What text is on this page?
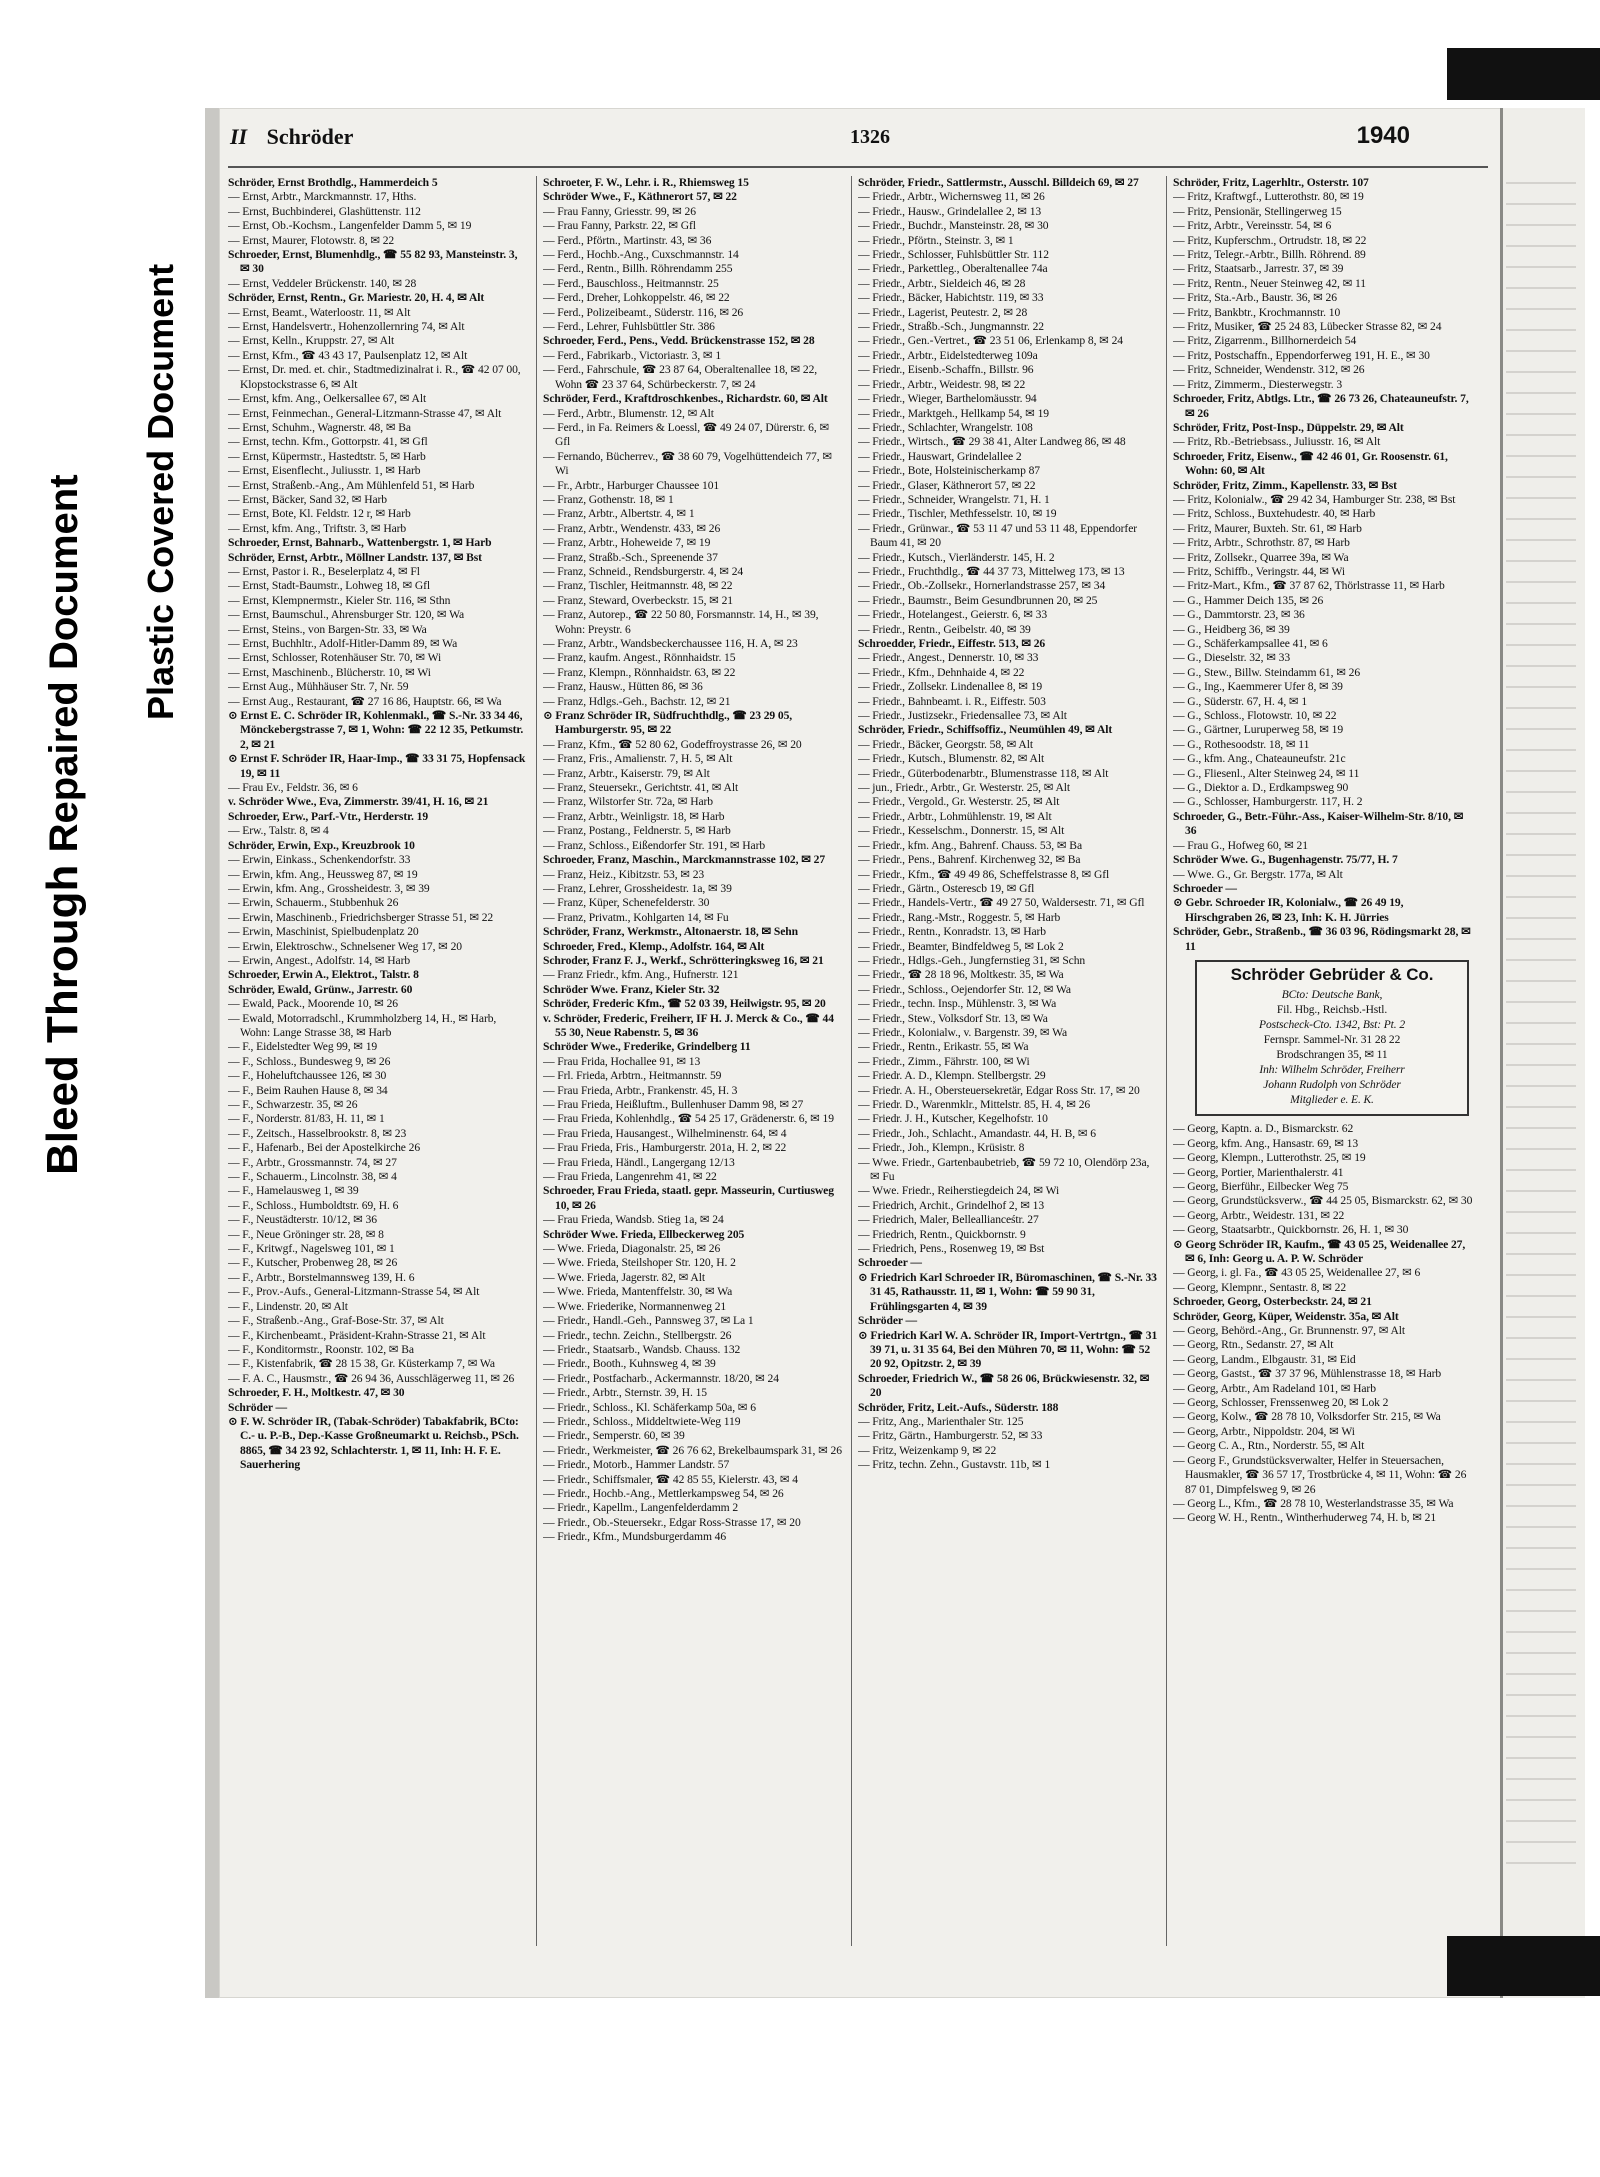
Bleed Through Repaired Document Plastic Covered Document
II Schröder	1326	1940

Schröder, Ernst Brothdlg., Hammerdeich 5

— Ernst, Arbtr., Marckmannstr. 17, Hths.

— Ernst, Buchbinderei, Glashüttenstr. 112

— Ernst, Ob.-Kochsm., Langenfelder Damm 5, ✉ 19

— Ernst, Maurer, Flotowstr. 8, ✉ 22

Schroeder, Ernst, Blumenhdlg., ☎ 55 82 93, Mansteinstr. 3, ✉ 30

— Ernst, Veddeler Brückenstr. 140, ✉ 28

Schröder, Ernst, Rentn., Gr. Mariestr. 20, H. 4, ✉ Alt

— Ernst, Beamt., Waterloostr. 11, ✉ Alt

— Ernst, Handelsvertr., Hohenzollernring 74, ✉ Alt

— Ernst, Kelln., Kruppstr. 27, ✉ Alt

— Ernst, Kfm., ☎ 43 43 17, Paulsenplatz 12, ✉ Alt

— Ernst, Dr. med. et. chir., Stadtmedizinalrat i. R., ☎ 42 07 00, Klopstockstrasse 6, ✉ Alt

— Ernst, kfm. Ang., Oelkersallee 67, ✉ Alt

— Ernst, Feinmechan., General-Litzmann-Strasse 47, ✉ Alt

— Ernst, Schuhm., Wagnerstr. 48, ✉ Ba

— Ernst, techn. Kfm., Gottorpstr. 41, ✉ Gfl

— Ernst, Küpermstr., Hastedtstr. 5, ✉ Harb

— Ernst, Eisenflecht., Juliusstr. 1, ✉ Harb

— Ernst, Straßenb.-Ang., Am Mühlenfeld 51, ✉ Harb

— Ernst, Bäcker, Sand 32, ✉ Harb

— Ernst, Bote, Kl. Feldstr. 12 r, ✉ Harb

— Ernst, kfm. Ang., Triftstr. 3, ✉ Harb

Schroeder, Ernst, Bahnarb., Wattenbergstr. 1, ✉ Harb

Schröder, Ernst, Arbtr., Möllner Landstr. 137, ✉ Bst

— Ernst, Pastor i. R., Beselerplatz 4, ✉ Fl

— Ernst, Stadt-Baumstr., Lohweg 18, ✉ Gfl

— Ernst, Klempnermstr., Kieler Str. 116, ✉ Sthn

— Ernst, Baumschul., Ahrensburger Str. 120, ✉ Wa

— Ernst, Steins., von Bargen-Str. 33, ✉ Wa

— Ernst, Buchhltr., Adolf-Hitler-Damm 89, ✉ Wa

— Ernst, Schlosser, Rotenhäuser Str. 70, ✉ Wi

— Ernst, Maschinenb., Blücherstr. 10, ✉ Wi

— Ernst Aug., Mühhäuser Str. 7, Nr. 59

— Ernst Aug., Restaurant, ☎ 27 16 86, Hauptstr. 66, ✉ Wa

⊙ Ernst E. C. Schröder IR, Kohlenmakl., ☎ S.-Nr. 33 34 46, Mönckebergstrasse 7, ✉ 1, Wohn: ☎ 22 12 35, Petkumstr. 2, ✉ 21

⊙ Ernst F. Schröder IR, Haar-Imp., ☎ 33 31 75, Hopfensack 19, ✉ 11

— Frau Ev., Feldstr. 36, ✉ 6

v. Schröder Wwe., Eva, Zimmerstr. 39/41, H. 16, ✉ 21

Schroeder, Erw., Parf.-Vtr., Herderstr. 19

— Erw., Talstr. 8, ✉ 4

Schröder, Erwin, Exp., Kreuzbrook 10

— Erwin, Einkass., Schenkendorfstr. 33

— Erwin, kfm. Ang., Heussweg 87, ✉ 19

— Erwin, kfm. Ang., Grossheidestr. 3, ✉ 39

— Erwin, Schauerm., Stubbenhuk 26

— Erwin, Maschinenb., Friedrichsberger Strasse 51, ✉ 22

— Erwin, Maschinist, Spielbudenplatz 20

— Erwin, Elektroschw., Schnelsener Weg 17, ✉ 20

— Erwin, Angest., Adolfstr. 14, ✉ Harb

Schroeder, Erwin A., Elektrot., Talstr. 8

Schröder, Ewald, Grünw., Jarrestr. 60

— Ewald, Pack., Moorende 10, ✉ 26

— Ewald, Motorradschl., Krummholzberg 14, H., ✉ Harb, Wohn: Lange Strasse 38, ✉ Harb

— F., Eidelstedter Weg 99, ✉ 19

— F., Schloss., Bundesweg 9, ✉ 26

— F., Hoheluftchaussee 126, ✉ 30

— F., Beim Rauhen Hause 8, ✉ 34

— F., Schwarzestr. 35, ✉ 26

— F., Norderstr. 81/83, H. 11, ✉ 1

— F., Zeitsch., Hasselbrookstr. 8, ✉ 23

— F., Hafenarb., Bei der Apostelkirche 26

— F., Arbtr., Grossmannstr. 74, ✉ 27

— F., Schauerm., Lincolnstr. 38, ✉ 4

— F., Hamelausweg 1, ✉ 39

— F., Schloss., Humboldtstr. 69, H. 6

— F., Neustädterstr. 10/12, ✉ 36

— F., Neue Gröninger str. 28, ✉ 8

— F., Kritwgf., Nagelsweg 101, ✉ 1

— F., Kutscher, Probenweg 28, ✉ 26

— F., Arbtr., Borstelmannsweg 139, H. 6

— F., Prov.-Aufs., General-Litzmann-Strasse 54, ✉ Alt

— F., Lindenstr. 20, ✉ Alt

— F., Straßenb.-Ang., Graf-Bose-Str. 37, ✉ Alt

— F., Kirchenbeamt., Präsident-Krahn-Strasse 21, ✉ Alt

— F., Konditormstr., Roonstr. 102, ✉ Ba

— F., Kistenfabrik, ☎ 28 15 38, Gr. Küsterkamp 7, ✉ Wa

— F. A. C., Hausmstr., ☎ 26 94 36, Ausschlägerweg 11, ✉ 26

Schroeder, F. H., Moltkestr. 47, ✉ 30

Schröder —

⊙ F. W. Schröder IR, (Tabak-Schröder) Tabakfabrik, BCto: C.- u. P.-B., Dep.-Kasse Großneumarkt u. Reichsb., PSch. 8865, ☎ 34 23 92, Schlachterstr. 1, ✉ 11, Inh: H. F. E. Sauerhering

Schroeter, F. W., Lehr. i. R., Rhiemsweg 15

Schröder Wwe., F., Käthnerort 57, ✉ 22

— Frau Fanny, Griesstr. 99, ✉ 26

— Frau Fanny, Parkstr. 22, ✉ Gfl

— Ferd., Pförtn., Martinstr. 43, ✉ 36

— Ferd., Hochb.-Ang., Cuxschmannstr. 14

— Ferd., Rentn., Billh. Röhrendamm 255

— Ferd., Bauschloss., Heitmannstr. 25

— Ferd., Dreher, Lohkoppelstr. 46, ✉ 22

— Ferd., Polizeibeamt., Süderstr. 116, ✉ 26

— Ferd., Lehrer, Fuhlsbüttler Str. 386

Schroeder, Ferd., Pens., Vedd. Brückenstrasse 152, ✉ 28

— Ferd., Fabrikarb., Victoriastr. 3, ✉ 1

— Ferd., Fahrschule, ☎ 23 87 64, Oberaltenallee 18, ✉ 22, Wohn ☎ 23 37 64, Schürbeckerstr. 7, ✉ 24

Schröder, Ferd., Kraftdroschkenbes., Richardstr. 60, ✉ Alt

— Ferd., Arbtr., Blumenstr. 12, ✉ Alt

— Ferd., in Fa. Reimers & Loessl, ☎ 49 24 07, Dürerstr. 6, ✉ Gfl

— Fernando, Bücherrev., ☎ 38 60 79, Vogelhüttendeich 77, ✉ Wi

— Fr., Arbtr., Harburger Chaussee 101

— Franz, Gothenstr. 18, ✉ 1

— Franz, Arbtr., Albertstr. 4, ✉ 1

— Franz, Arbtr., Wendenstr. 433, ✉ 26

— Franz, Arbtr., Hoheweide 7, ✉ 19

— Franz, Straßb.-Sch., Spreenende 37

— Franz, Schneid., Rendsburgerstr. 4, ✉ 24

— Franz, Tischler, Heitmannstr. 48, ✉ 22

— Franz, Steward, Overbeckstr. 15, ✉ 21

— Franz, Autorep., ☎ 22 50 80, Forsmannstr. 14, H., ✉ 39, Wohn: Preystr. 6

— Franz, Arbtr., Wandsbeckerchaussee 116, H. A, ✉ 23

— Franz, kaufm. Angest., Rönnhaidstr. 15

— Franz, Klempn., Rönnhaidstr. 63, ✉ 22

— Franz, Hausw., Hütten 86, ✉ 36

— Franz, Hdlgs.-Geh., Bachstr. 12, ✉ 21

⊙ Franz Schröder IR, Südfruchthdlg., ☎ 23 29 05, Hamburgerstr. 95, ✉ 22

— Franz, Kfm., ☎ 52 80 62, Godeffroystrasse 26, ✉ 20

— Franz, Fris., Amalienstr. 7, H. 5, ✉ Alt

— Franz, Arbtr., Kaiserstr. 79, ✉ Alt

— Franz, Steuersekr., Gerichtstr. 41, ✉ Alt

— Franz, Wilstorfer Str. 72a, ✉ Harb

— Franz, Arbtr., Weinligstr. 18, ✉ Harb

— Franz, Postang., Feldnerstr. 5, ✉ Harb

— Franz, Schloss., Eißendorfer Str. 191, ✉ Harb

Schroeder, Franz, Maschin., Marckmannstrasse 102, ✉ 27

— Franz, Heiz., Kibitzstr. 53, ✉ 23

— Franz, Lehrer, Grossheidestr. 1a, ✉ 39

— Franz, Küper, Schenefelderstr. 30

— Franz, Privatm., Kohlgarten 14, ✉ Fu

Schröder, Franz, Werkmstr., Altonaerstr. 18, ✉ Sehn

Schroeder, Fred., Klemp., Adolfstr. 164, ✉ Alt

Schroder, Franz F. J., Werkf., Schrötteringksweg 16, ✉ 21

— Franz Friedr., kfm. Ang., Hufnerstr. 121

Schröder Wwe. Franz, Kieler Str. 32

Schröder, Frederic Kfm., ☎ 52 03 39, Heilwigstr. 95, ✉ 20

v. Schröder, Frederic, Freiherr, IF H. J. Merck & Co., ☎ 44 55 30, Neue Rabenstr. 5, ✉ 36

Schröder Wwe., Frederike, Grindelberg 11

— Frau Frida, Hochallee 91, ✉ 13

— Frl. Frieda, Arbtrn., Heitmannstr. 59

— Frau Frieda, Arbtr., Frankenstr. 45, H. 3

— Frau Frieda, Heißluftm., Bullenhuser Damm 98, ✉ 27

— Frau Frieda, Kohlenhdlg., ☎ 54 25 17, Grädenerstr. 6, ✉ 19

— Frau Frieda, Hausangest., Wilhelminenstr. 64, ✉ 4

— Frau Frieda, Fris., Hamburgerstr. 201a, H. 2, ✉ 22

— Frau Frieda, Händl., Langergang 12/13

— Frau Frieda, Langenrehm 41, ✉ 22

Schroeder, Frau Frieda, staatl. gepr. Masseurin, Curtiusweg 10, ✉ 26

— Frau Frieda, Wandsb. Stieg 1a, ✉ 24

Schröder Wwe. Frieda, Ellbeckerweg 205

— Wwe. Frieda, Diagonalstr. 25, ✉ 26

— Wwe. Frieda, Steilshoper Str. 120, H. 2

— Wwe. Frieda, Jagerstr. 82, ✉ Alt

— Wwe. Frieda, Mantenffelstr. 30, ✉ Wa

— Wwe. Friederike, Normannenweg 21

— Friedr., Handl.-Geh., Pannsweg 37, ✉ La 1

— Friedr., techn. Zeichn., Stellbergstr. 26

— Friedr., Staatsarb., Wandsb. Chauss. 132

— Friedr., Booth., Kuhnsweg 4, ✉ 39

— Friedr., Postfacharb., Ackermannstr. 18/20, ✉ 24

— Friedr., Arbtr., Sternstr. 39, H. 15

— Friedr., Schloss., Kl. Schäferkamp 50a, ✉ 6

— Friedr., Schloss., Middeltwiete-Weg 119

— Friedr., Semperstr. 60, ✉ 39

— Friedr., Werkmeister, ☎ 26 76 62, Brekelbaumspark 31, ✉ 26

— Friedr., Motorb., Hammer Landstr. 57

— Friedr., Schiffsmaler, ☎ 42 85 55, Kielerstr. 43, ✉ 4

— Friedr., Hochb.-Ang., Mettlerkampsweg 54, ✉ 26

— Friedr., Kapellm., Langenfelderdamm 2

— Friedr., Ob.-Steuersekr., Edgar Ross-Strasse 17, ✉ 20

— Friedr., Kfm., Mundsburgerdamm 46

Schröder, Friedr., Sattlermstr., Ausschl. Billdeich 69, ✉ 27

— Friedr., Arbtr., Wichernsweg 11, ✉ 26

— Friedr., Hausw., Grindelallee 2, ✉ 13

— Friedr., Buchdr., Mansteinstr. 28, ✉ 30

— Friedr., Pförtn., Steinstr. 3, ✉ 1

— Friedr., Schlosser, Fuhlsbüttler Str. 112

— Friedr., Parkettleg., Oberaltenallee 74a

— Friedr., Arbtr., Sieldeich 46, ✉ 28

— Friedr., Bäcker, Habichtstr. 119, ✉ 33

— Friedr., Lagerist, Peutestr. 2, ✉ 28

— Friedr., Straßb.-Sch., Jungmannstr. 22

— Friedr., Gen.-Vertret., ☎ 23 51 06, Erlenkamp 8, ✉ 24

— Friedr., Arbtr., Eidelstedterweg 109a

— Friedr., Eisenb.-Schaffn., Billstr. 96

— Friedr., Arbtr., Weidestr. 98, ✉ 22

— Friedr., Wieger, Barthelomäusstr. 94

— Friedr., Marktgeh., Hellkamp 54, ✉ 19

— Friedr., Schlachter, Wrangelstr. 108

— Friedr., Wirtsch., ☎ 29 38 41, Alter Landweg 86, ✉ 48

— Friedr., Hauswart, Grindelallee 2

— Friedr., Bote, Holsteinischerkamp 87

— Friedr., Glaser, Käthnerort 57, ✉ 22

— Friedr., Schneider, Wrangelstr. 71, H. 1

— Friedr., Tischler, Methfesselstr. 10, ✉ 19

— Friedr., Grünwar., ☎ 53 11 47 und 53 11 48, Eppendorfer Baum 41, ✉ 20

— Friedr., Kutsch., Vierländerstr. 145, H. 2

— Friedr., Fruchthdlg., ☎ 44 37 73, Mittelweg 173, ✉ 13

— Friedr., Ob.-Zollsekr., Hornerlandstrasse 257, ✉ 34

— Friedr., Baumstr., Beim Gesundbrunnen 20, ✉ 25

— Friedr., Hotelangest., Geierstr. 6, ✉ 33

— Friedr., Rentn., Geibelstr. 40, ✉ 39

Schroedder, Friedr., Eiffestr. 513, ✉ 26

— Friedr., Angest., Dennerstr. 10, ✉ 33

— Friedr., Kfm., Dehnhaide 4, ✉ 22

— Friedr., Zollsekr. Lindenallee 8, ✉ 19

— Friedr., Bahnbeamt. i. R., Eiffestr. 503

— Friedr., Justizsekr., Friedensallee 73, ✉ Alt

Schröder, Friedr., Schiffsoffiz., Neumühlen 49, ✉ Alt

— Friedr., Bäcker, Georgstr. 58, ✉ Alt

— Friedr., Kutsch., Blumenstr. 82, ✉ Alt

— Friedr., Güterbodenarbtr., Blumenstrasse 118, ✉ Alt

— jun., Friedr., Arbtr., Gr. Westerstr. 25, ✉ Alt

— Friedr., Vergold., Gr. Westerstr. 25, ✉ Alt

— Friedr., Arbtr., Lohmühlenstr. 19, ✉ Alt

— Friedr., Kesselschm., Donnerstr. 15, ✉ Alt

— Friedr., kfm. Ang., Bahrenf. Chauss. 53, ✉ Ba

— Friedr., Pens., Bahrenf. Kirchenweg 32, ✉ Ba

— Friedr., Kfm., ☎ 49 49 86, Scheffelstrasse 8, ✉ Gfl

— Friedr., Gärtn., Osterescb 19, ✉ Gfl

— Friedr., Handels-Vertr., ☎ 49 27 50, Waldersestr. 71, ✉ Gfl

— Friedr., Rang.-Mstr., Roggestr. 5, ✉ Harb

— Friedr., Rentn., Konradstr. 13, ✉ Harb

— Friedr., Beamter, Bindfeldweg 5, ✉ Lok 2

— Friedr., Hdlgs.-Geh., Jungfernstieg 31, ✉ Schn

— Friedr., ☎ 28 18 96, Moltkestr. 35, ✉ Wa

— Friedr., Schloss., Oejendorfer Str. 12, ✉ Wa

— Friedr., techn. Insp., Mühlenstr. 3, ✉ Wa

— Friedr., Stew., Volksdorf Str. 13, ✉ Wa

— Friedr., Kolonialw., v. Bargenstr. 39, ✉ Wa

— Friedr., Rentn., Erikastr. 55, ✉ Wa

— Friedr., Zimm., Fährstr. 100, ✉ Wi

— Friedr. A. D., Klempn. Stellbergstr. 29

— Friedr. A. H., Obersteuersekretär, Edgar Ross Str. 17, ✉ 20

— Friedr. D., Warenmklr., Mittelstr. 85, H. 4, ✉ 26

— Friedr. J. H., Kutscher, Kegelhofstr. 10

— Friedr., Joh., Schlacht., Amandastr. 44, H. B, ✉ 6

— Friedr., Joh., Klempn., Krüsistr. 8

— Wwe. Friedr., Gartenbaubetrieb, ☎ 59 72 10, Olendörp 23a, ✉ Fu

— Wwe. Friedr., Reiherstiegdeich 24, ✉ Wi

— Friedrich, Archit., Grindelhof 2, ✉ 13

— Friedrich, Maler, Belleallianceśtr. 27

— Friedrich, Rentn., Quickbornstr. 9

— Friedrich, Pens., Rosenweg 19, ✉ Bst

Schroeder —

⊙ Friedrich Karl Schroeder IR, Büromaschinen, ☎ S.-Nr. 33 31 45, Rathausstr. 11, ✉ 1, Wohn: ☎ 59 90 31, Frühlingsgarten 4, ✉ 39

Schröder —

⊙ Friedrich Karl W. A. Schröder IR, Import-Vertrtgn., ☎ 31 39 71, u. 31 35 64, Bei den Mühren 70, ✉ 11, Wohn: ☎ 52 20 92, Opitzstr. 2, ✉ 39

Schroeder, Friedrich W., ☎ 58 26 06, Brückwiesenstr. 32, ✉ 20

Schröder, Fritz, Leit.-Aufs., Süderstr. 188

— Fritz, Ang., Marienthaler Str. 125

— Fritz, Gärtn., Hamburgerstr. 52, ✉ 33

— Fritz, Weizenkamp 9, ✉ 22

— Fritz, techn. Zehn., Gustavstr. 11b, ✉ 1

Schröder, Fritz, Lagerhltr., Osterstr. 107

— Fritz, Kraftwgf., Lutterothstr. 80, ✉ 19

— Fritz, Pensionär, Stellingerweg 15

— Fritz, Arbtr., Vereinsstr. 54, ✉ 6

— Fritz, Kupferschm., Ortrudstr. 18, ✉ 22

— Fritz, Telegr.-Arbtr., Billh. Röhrend. 89

— Fritz, Staatsarb., Jarrestr. 37, ✉ 39

— Fritz, Rentn., Neuer Steinweg 42, ✉ 11

— Fritz, Sta.-Arb., Baustr. 36, ✉ 26

— Fritz, Bankbtr., Krochmannstr. 10

— Fritz, Musiker, ☎ 25 24 83, Lübecker Strasse 82, ✉ 24

— Fritz, Zigarrenm., Billhornerdeich 54

— Fritz, Postschaffn., Eppendorferweg 191, H. E., ✉ 30

— Fritz, Schneider, Wendenstr. 312, ✉ 26

— Fritz, Zimmerm., Diesterwegstr. 3

Schroeder, Fritz, Abtlgs. Ltr., ☎ 26 73 26, Chateauneufstr. 7, ✉ 26

Schröder, Fritz, Post-Insp., Düppelstr. 29, ✉ Alt

— Fritz, Rb.-Betriebsass., Juliusstr. 16, ✉ Alt

Schroeder, Fritz, Eisenw., ☎ 42 46 01, Gr. Roosenstr. 61, Wohn: 60, ✉ Alt

Schröder, Fritz, Zimm., Kapellenstr. 33, ✉ Bst

— Fritz, Kolonialw., ☎ 29 42 34, Hamburger Str. 238, ✉ Bst

— Fritz, Schloss., Buxtehudestr. 40, ✉ Harb

— Fritz, Maurer, Buxteh. Str. 61, ✉ Harb

— Fritz, Arbtr., Schrothstr. 87, ✉ Harb

— Fritz, Zollsekr., Quarree 39a, ✉ Wa

— Fritz, Schiffb., Veringstr. 44, ✉ Wi

— Fritz-Mart., Kfm., ☎ 37 87 62, Thörlstrasse 11, ✉ Harb

— G., Hammer Deich 135, ✉ 26

— G., Dammtorstr. 23, ✉ 36

— G., Heidberg 36, ✉ 39

— G., Schäferkampsallee 41, ✉ 6

— G., Dieselstr. 32, ✉ 33

— G., Stew., Billw. Steindamm 61, ✉ 26

— G., Ing., Kaemmerer Ufer 8, ✉ 39

— G., Süderstr. 67, H. 4, ✉ 1

— G., Schloss., Flotowstr. 10, ✉ 22

— G., Gärtner, Luruperweg 58, ✉ 19

— G., Rothesoodstr. 18, ✉ 11

— G., kfm. Ang., Chateauneufstr. 21c

— G., Fliesenl., Alter Steinweg 24, ✉ 11

— G., Diektor a. D., Erdkampsweg 90

— G., Schlosser, Hamburgerstr. 117, H. 2

Schroeder, G., Betr.-Führ.-Ass., Kaiser-Wilhelm-Str. 8/10, ✉ 36

— Frau G., Hofweg 60, ✉ 21

Schröder Wwe. G., Bugenhagenstr. 75/77, H. 7

— Wwe. G., Gr. Bergstr. 177a, ✉ Alt

Schroeder —

⊙ Gebr. Schroeder IR, Kolonialw., ☎ 26 49 19, Hirschgraben 26, ✉ 23, Inh: K. H. Jürries

Schröder, Gebr., Straßenb., ☎ 36 03 96, Rödingsmarkt 28, ✉ 11

Schröder Gebrüder & Co.
BCto: Deutsche Bank,
Fil. Hbg., Reichsb.-Hstl.
Postscheck-Cto. 1342, Bst: Pt. 2
Fernspr. Sammel-Nr. 31 28 22
Brodschrangen 35, ✉ 11
Inh: Wilhelm Schröder, Freiherr
Johann Rudolph von Schröder
Mitglieder e. E. K.

— Georg, Kaptn. a. D., Bismarckstr. 62

— Georg, kfm. Ang., Hansastr. 69, ✉ 13

— Georg, Klempn., Lutterothstr. 25, ✉ 19

— Georg, Portier, Marienthalerstr. 41

— Georg, Bierführ., Eilbecker Weg 75

— Georg, Grundstücksverw., ☎ 44 25 05, Bismarckstr. 62, ✉ 30

— Georg, Arbtr., Weidestr. 131, ✉ 22

— Georg, Staatsarbtr., Quickbornstr. 26, H. 1, ✉ 30

⊙ Georg Schröder IR, Kaufm., ☎ 43 05 25, Weidenallee 27, ✉ 6, Inh: Georg u. A. P. W. Schröder

— Georg, i. gl. Fa., ☎ 43 05 25, Weidenallee 27, ✉ 6

— Georg, Klempnr., Sentastr. 8, ✉ 22

Schroeder, Georg, Osterbeckstr. 24, ✉ 21

Schröder, Georg, Küper, Weidenstr. 35a, ✉ Alt

— Georg, Behörd.-Ang., Gr. Brunnenstr. 97, ✉ Alt

— Georg, Rtn., Sedanstr. 27, ✉ Alt

— Georg, Landm., Elbgaustr. 31, ✉ Eid

— Georg, Gastst., ☎ 37 37 96, Mühlenstrasse 18, ✉ Harb

— Georg, Arbtr., Am Radeland 101, ✉ Harb

— Georg, Schlosser, Frenssenweg 20, ✉ Lok 2

— Georg, Kolw., ☎ 28 78 10, Volksdorfer Str. 215, ✉ Wa

— Georg, Arbtr., Nippoldstr. 204, ✉ Wi

— Georg C. A., Rtn., Norderstr. 55, ✉ Alt

— Georg F., Grundstücksverwalter, Helfer in Steuersachen, Hausmakler, ☎ 36 57 17, Trostbrücke 4, ✉ 11, Wohn: ☎ 26 87 01, Dimpfelsweg 9, ✉ 26

— Georg L., Kfm., ☎ 28 78 10, Westerlandstrasse 35, ✉ Wa

— Georg W. H., Rentn., Wintherhuderweg 74, H. b, ✉ 21
